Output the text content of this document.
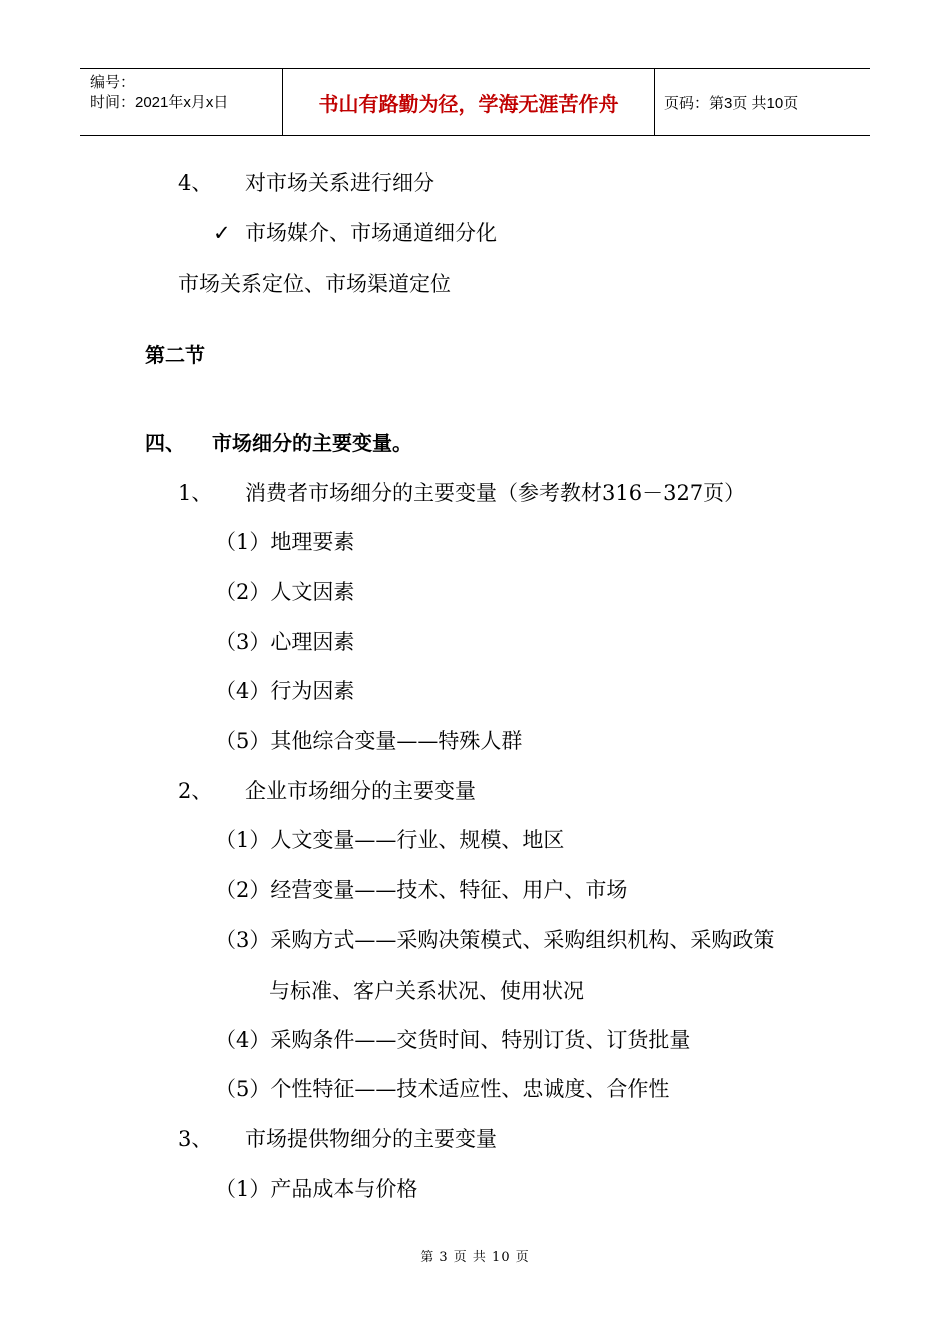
编号：
时间：2021年x月x日	书山有路勤为径，学海无涯苦作舟	页码：第3页 共10页
4、 对市场关系进行细分
✓ 市场媒介、市场通道细分化
市场关系定位、市场渠道定位
第二节
四、 市场细分的主要变量。
1、 消费者市场细分的主要变量（参考教材316－327页）
（1）地理要素
（2）人文因素
（3）心理因素
（4）行为因素
（5）其他综合变量——特殊人群
2、 企业市场细分的主要变量
（1）人文变量——行业、规模、地区
（2）经营变量——技术、特征、用户、市场
（3）采购方式——采购决策模式、采购组织机构、采购政策
与标准、客户关系状况、使用状况
（4）采购条件——交货时间、特别订货、订货批量
（5）个性特征——技术适应性、忠诚度、合作性
3、 市场提供物细分的主要变量
（1）产品成本与价格
第 3 页 共 10 页
